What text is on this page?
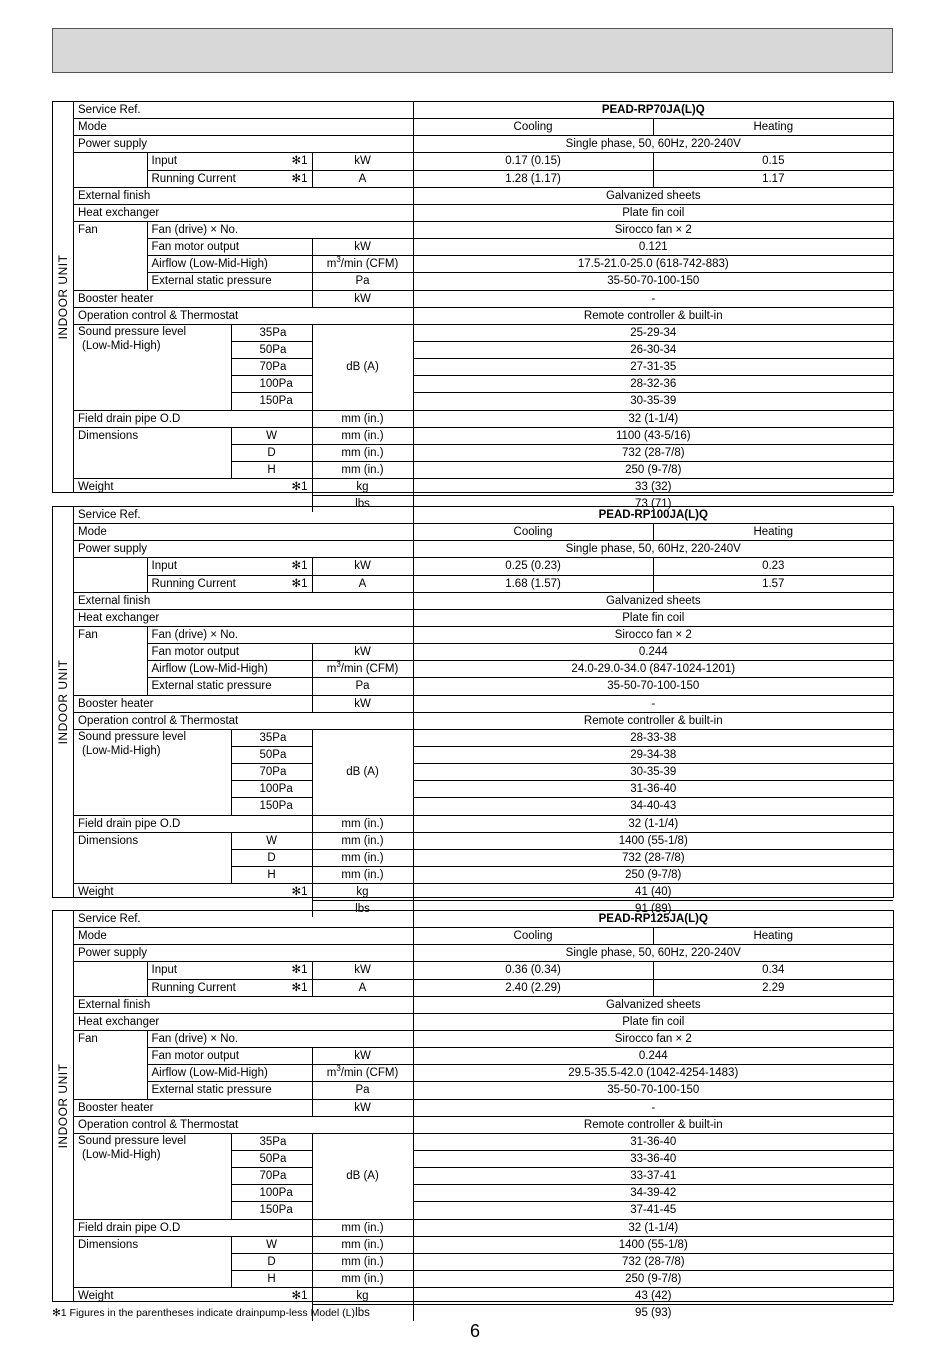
INDOOR UNIT
Service Ref.				PEAD-RP70JA(L)Q	
Mode				Cooling	Heating
Power supply				Single phase, 50, 60Hz, 220-240V	
	Input ✻1		kW	0.17 (0.15)	0.15
	Running Current ✻1		A	1.28 (1.17)	1.17
External finish				Galvanized sheets	
Heat exchanger				Plate fin coil	
Fan	Fan (drive) × No.			Sirocco fan × 2	
	Fan motor output		kW	0.121	
	Airflow (Low-Mid-High)		$m^3/\min$ (CFM)	17.5-21.0-25.0 (618-742-883)	
	External static pressure		Pa	35-50-70-100-150	
Booster heater			kW	-	
Operation control & Thermostat				Remote controller & built-in	

Sound pressure level
(Low-Mid-High)		35Pa	dB (A)	25-29-34	
		50Pa		26-30-34	
		70Pa		27-31-35	
		100Pa		28-32-36	
		150Pa		30-35-39	
Field drain pipe O.D			mm (in.)	32 (1-1/4)	
Dimensions		W	mm (in.)	1100 (43-5/16)	
		D	mm (in.)	732 (28-7/8)	
		H	mm (in.)	250 (9-7/8)	
Weight ✻1			kg	33 (32)	
			lbs	73 (71)	
INDOOR UNIT
Service Ref.				PEAD-RP100JA(L)Q	
Mode				Cooling	Heating
Power supply				Single phase, 50, 60Hz, 220-240V	
	Input ✻1		kW	0.25 (0.23)	0.23
	Running Current ✻1		A	1.68 (1.57)	1.57
External finish				Galvanized sheets	
Heat exchanger				Plate fin coil	
Fan	Fan (drive) × No.			Sirocco fan × 2	
	Fan motor output		kW	0.244	
	Airflow (Low-Mid-High)		$m^3/\min$ (CFM)	24.0-29.0-34.0 (847-1024-1201)	
	External static pressure		Pa	35-50-70-100-150	
Booster heater			kW	-	
Operation control & Thermostat				Remote controller & built-in	

Sound pressure level
(Low-Mid-High)		35Pa	dB (A)	28-33-38	
		50Pa		29-34-38	
		70Pa		30-35-39	
		100Pa		31-36-40	
		150Pa		34-40-43	
Field drain pipe O.D			mm (in.)	32 (1-1/4)	
Dimensions		W	mm (in.)	1400 (55-1/8)	
		D	mm (in.)	732 (28-7/8)	
		H	mm (in.)	250 (9-7/8)	
Weight ✻1			kg	41 (40)	
			lbs	91 (89)	
INDOOR UNIT
Service Ref.				PEAD-RP125JA(L)Q	
Mode				Cooling	Heating
Power supply				Single phase, 50, 60Hz, 220-240V	
	Input ✻1		kW	0.36 (0.34)	0.34
	Running Current ✻1		A	2.40 (2.29)	2.29
External finish				Galvanized sheets	
Heat exchanger				Plate fin coil	
Fan	Fan (drive) × No.			Sirocco fan × 2	
	Fan motor output		kW	0.244	
	Airflow (Low-Mid-High)		$m^3/\min$ (CFM)	29.5-35.5-42.0 (1042-4254-1483)	
	External static pressure		Pa	35-50-70-100-150	
Booster heater			kW	-	
Operation control & Thermostat				Remote controller & built-in	

Sound pressure level
(Low-Mid-High)		35Pa	dB (A)	31-36-40	
		50Pa		33-36-40	
		70Pa		33-37-41	
		100Pa		34-39-42	
		150Pa		37-41-45	
Field drain pipe O.D			mm (in.)	32 (1-1/4)	
Dimensions		W	mm (in.)	1400 (55-1/8)	
		D	mm (in.)	732 (28-7/8)	
		H	mm (in.)	250 (9-7/8)	
Weight ✻1			kg	43 (42)	
			lbs	95 (93)	
✻1 Figures in the parentheses indicate drainpump-less Model (L).
6
